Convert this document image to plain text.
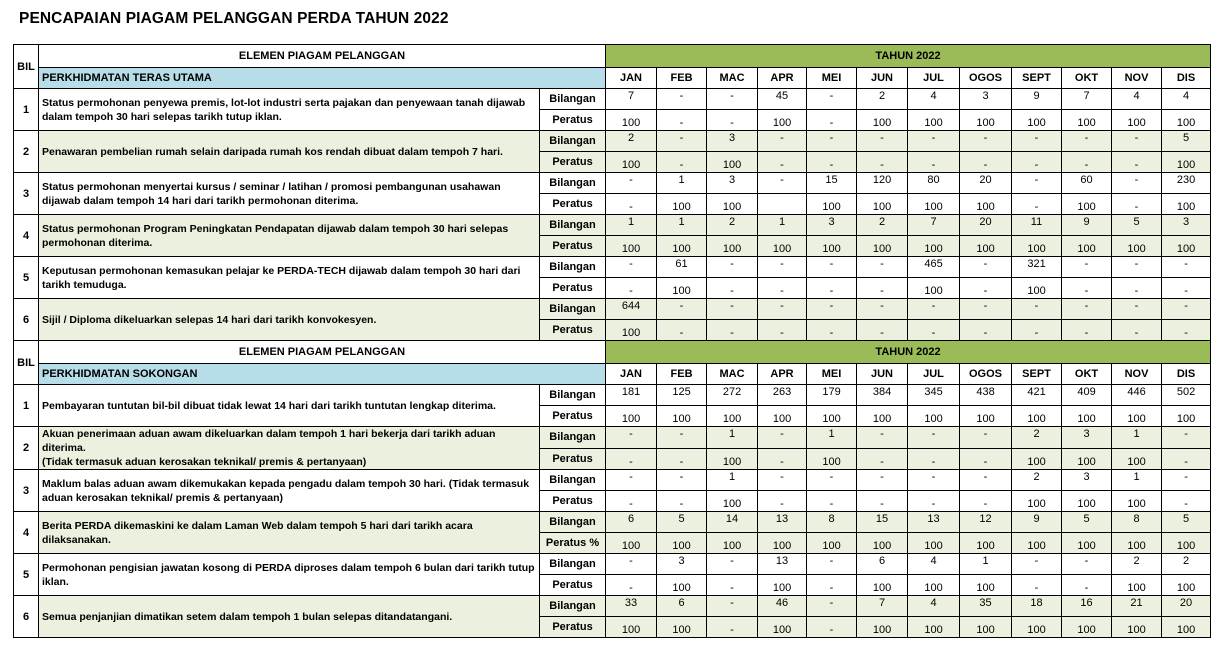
PENCAPAIAN PIAGAM PELANGGAN PERDA TAHUN 2022
BIL	ELEMEN PIAGAM PELANGGAN		TAHUN 2022											
	PERKHIDMATAN TERAS UTAMA		JAN	FEB	MAC	APR	MEI	JUN	JUL	OGOS	SEPT	OKT	NOV	DIS
1	Status permohonan penyewa premis, lot-lot industri serta pajakan dan penyewaan tanah dijawab dalam tempoh 30 hari selepas tarikh tutup iklan.	Bilangan	7	-	-	45	-	2	4	3	9	7	4	4
		Peratus	100	-	-	100	-	100	100	100	100	100	100	100
2	Penawaran pembelian rumah selain daripada rumah kos rendah dibuat dalam tempoh 7 hari.	Bilangan	2	-	3	-	-	-	-	-	-	-	-	5
		Peratus	100	-	100	-	-	-	-	-	-	-	-	100
3	Status permohonan menyertai kursus / seminar / latihan / promosi pembangunan usahawan dijawab dalam tempoh 14 hari dari tarikh permohonan diterima.	Bilangan	-	1	3	-	15	120	80	20	-	60	-	230
		Peratus	-	100	100		100	100	100	100	-	100	-	100
4	Status permohonan Program Peningkatan Pendapatan dijawab dalam tempoh 30 hari selepas permohonan diterima.	Bilangan	1	1	2	1	3	2	7	20	11	9	5	3
		Peratus	100	100	100	100	100	100	100	100	100	100	100	100
5	Keputusan permohonan kemasukan pelajar ke PERDA-TECH dijawab dalam tempoh 30 hari dari tarikh temuduga.	Bilangan	-	61	-	-	-	-	465	-	321	-	-	-
		Peratus	-	100	-	-	-	-	100	-	100	-	-	-
6	Sijil / Diploma dikeluarkan selepas 14 hari dari tarikh konvokesyen.	Bilangan	644	-	-	-	-	-	-	-	-	-	-	-
		Peratus	100	-	-	-	-	-	-	-	-	-	-	-
BIL	ELEMEN PIAGAM PELANGGAN		TAHUN 2022											
	PERKHIDMATAN SOKONGAN		JAN	FEB	MAC	APR	MEI	JUN	JUL	OGOS	SEPT	OKT	NOV	DIS
1	Pembayaran tuntutan bil-bil dibuat tidak lewat 14 hari dari tarikh tuntutan lengkap diterima.	Bilangan	181	125	272	263	179	384	345	438	421	409	446	502
		Peratus	100	100	100	100	100	100	100	100	100	100	100	100
2	Akuan penerimaan aduan awam dikeluarkan dalam tempoh 1 hari bekerja dari tarikh aduan diterima.
(Tidak termasuk aduan kerosakan teknikal/ premis & pertanyaan)	Bilangan	-	-	1	-	1	-	-	-	2	3	1	-
		Peratus	-	-	100	-	100	-	-	-	100	100	100	-
3	Maklum balas aduan awam dikemukakan kepada pengadu dalam tempoh 30 hari. (Tidak termasuk aduan kerosakan teknikal/ premis & pertanyaan)	Bilangan	-	-	1	-	-	-	-	-	2	3	1	-
		Peratus	-	-	100	-	-	-	-	-	100	100	100	-
4	Berita PERDA dikemaskini ke dalam Laman Web dalam tempoh 5 hari dari tarikh acara dilaksanakan.	Bilangan	6	5	14	13	8	15	13	12	9	5	8	5
		Peratus %	100	100	100	100	100	100	100	100	100	100	100	100
5	Permohonan pengisian jawatan kosong di PERDA diproses dalam tempoh 6 bulan dari tarikh tutup iklan.	Bilangan	-	3	-	13	-	6	4	1	-	-	2	2
		Peratus	-	100	-	100	-	100	100	100	-	-	100	100
6	Semua penjanjian dimatikan setem dalam tempoh 1 bulan selepas ditandatangani.	Bilangan	33	6	-	46	-	7	4	35	18	16	21	20
		Peratus	100	100	-	100	-	100	100	100	100	100	100	100
